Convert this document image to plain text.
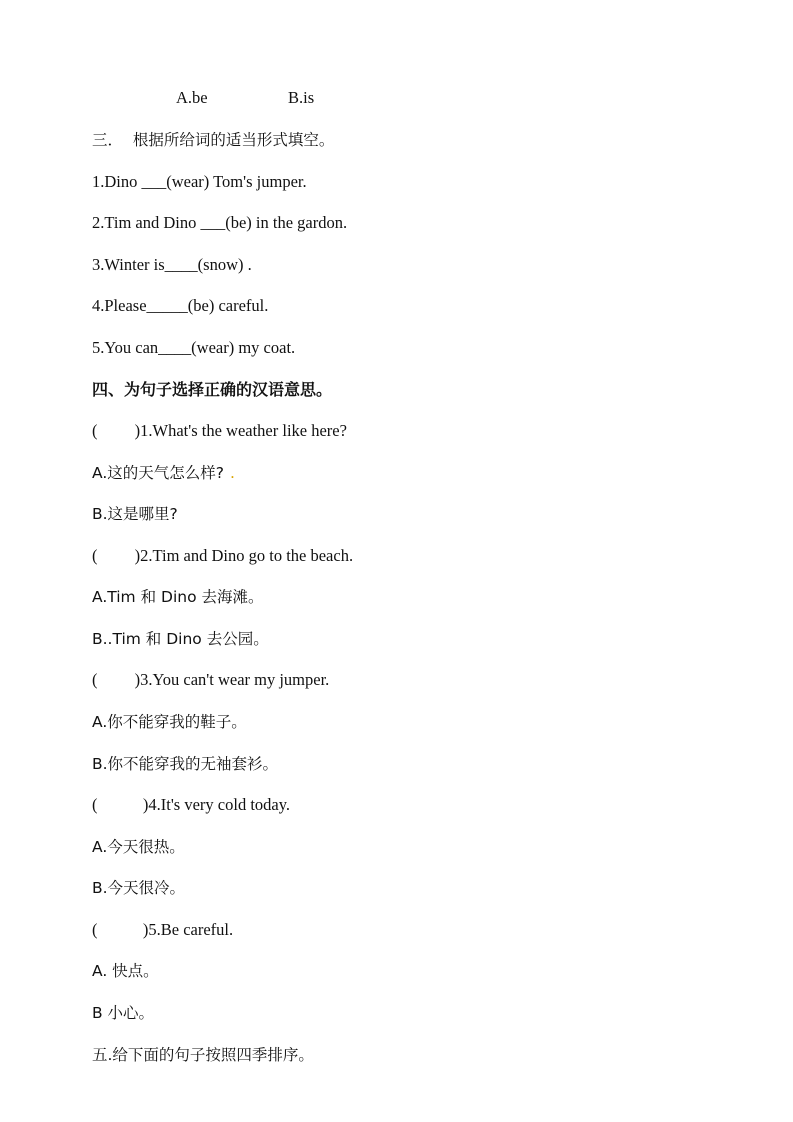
A.be	B.is
三．  根据所给词的适当形式填空。
1.Dino ___(wear) Tom's jumper.
2.Tim and Dino ___(be) in the gardon.
3.Winter is____(snow) .
4.Please_____(be) careful.
5.You can____(wear) my coat.
四、为句子选择正确的汉语意思。
(         )1.What's the weather like here?
A.这的天气怎么样? .
B.这是哪里?
(         )2.Tim and Dino go to the beach.
A.Tim 和 Dino 去海滩。
B..Tim 和 Dino 去公园。
(         )3.You can't wear my jumper.
A.你不能穿我的鞋子。
B.你不能穿我的无袖套衫。
(           )4.It's very cold today.
A.今天很热。
B.今天很冷。
(           )5.Be careful.
A. 快点。
B 小心。
五.给下面的句子按照四季排序。
